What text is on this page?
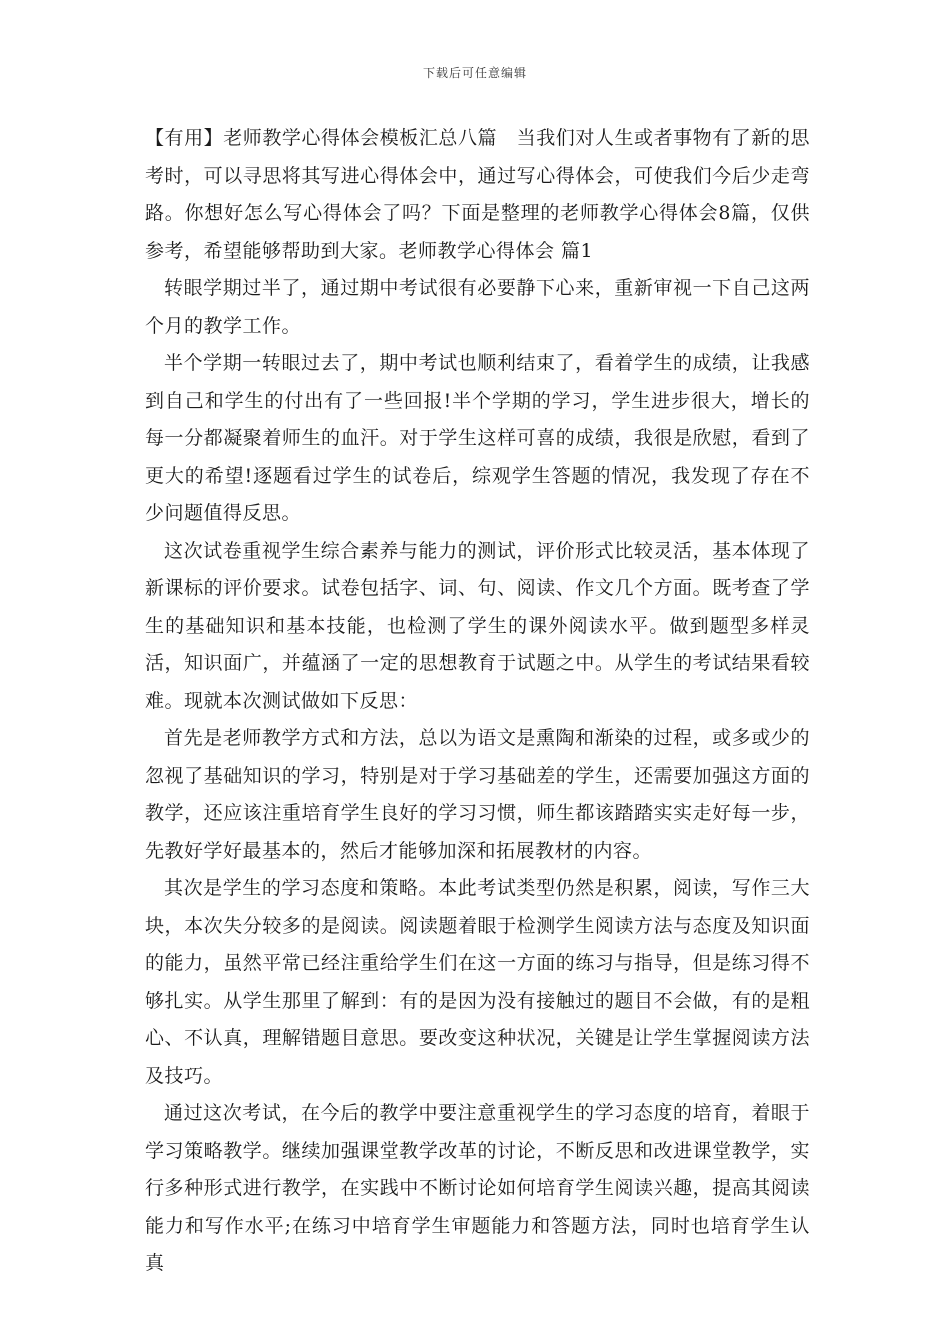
下载后可任意编辑

【有用】老师教学心得体会模板汇总八篇　当我们对人生或者事物有了新的思考时，可以寻思将其写进心得体会中，通过写心得体会，可使我们今后少走弯路。你想好怎么写心得体会了吗？下面是整理的老师教学心得体会8篇，仅供参考，希望能够帮助到大家。老师教学心得体会 篇1

转眼学期过半了，通过期中考试很有必要静下心来，重新审视一下自己这两个月的教学工作。

半个学期一转眼过去了，期中考试也顺利结束了，看着学生的成绩，让我感到自己和学生的付出有了一些回报!半个学期的学习，学生进步很大，增长的每一分都凝聚着师生的血汗。对于学生这样可喜的成绩，我很是欣慰，看到了更大的希望!逐题看过学生的试卷后，综观学生答题的情况，我发现了存在不少问题值得反思。

这次试卷重视学生综合素养与能力的测试，评价形式比较灵活，基本体现了新课标的评价要求。试卷包括字、词、句、阅读、作文几个方面。既考查了学生的基础知识和基本技能，也检测了学生的课外阅读水平。做到题型多样灵活，知识面广，并蕴涵了一定的思想教育于试题之中。从学生的考试结果看较难。现就本次测试做如下反思：

首先是老师教学方式和方法，总以为语文是熏陶和渐染的过程，或多或少的忽视了基础知识的学习，特别是对于学习基础差的学生，还需要加强这方面的教学，还应该注重培育学生良好的学习习惯，师生都该踏踏实实走好每一步，先教好学好最基本的，然后才能够加深和拓展教材的内容。

其次是学生的学习态度和策略。本此考试类型仍然是积累，阅读，写作三大块，本次失分较多的是阅读。阅读题着眼于检测学生阅读方法与态度及知识面的能力，虽然平常已经注重给学生们在这一方面的练习与指导，但是练习得不够扎实。从学生那里了解到：有的是因为没有接触过的题目不会做，有的是粗心、不认真，理解错题目意思。要改变这种状况，关键是让学生掌握阅读方法及技巧。

通过这次考试，在今后的教学中要注意重视学生的学习态度的培育，着眼于学习策略教学。继续加强课堂教学改革的讨论，不断反思和改进课堂教学，实行多种形式进行教学，在实践中不断讨论如何培育学生阅读兴趣，提高其阅读能力和写作水平;在练习中培育学生审题能力和答题方法，同时也培育学生认真
